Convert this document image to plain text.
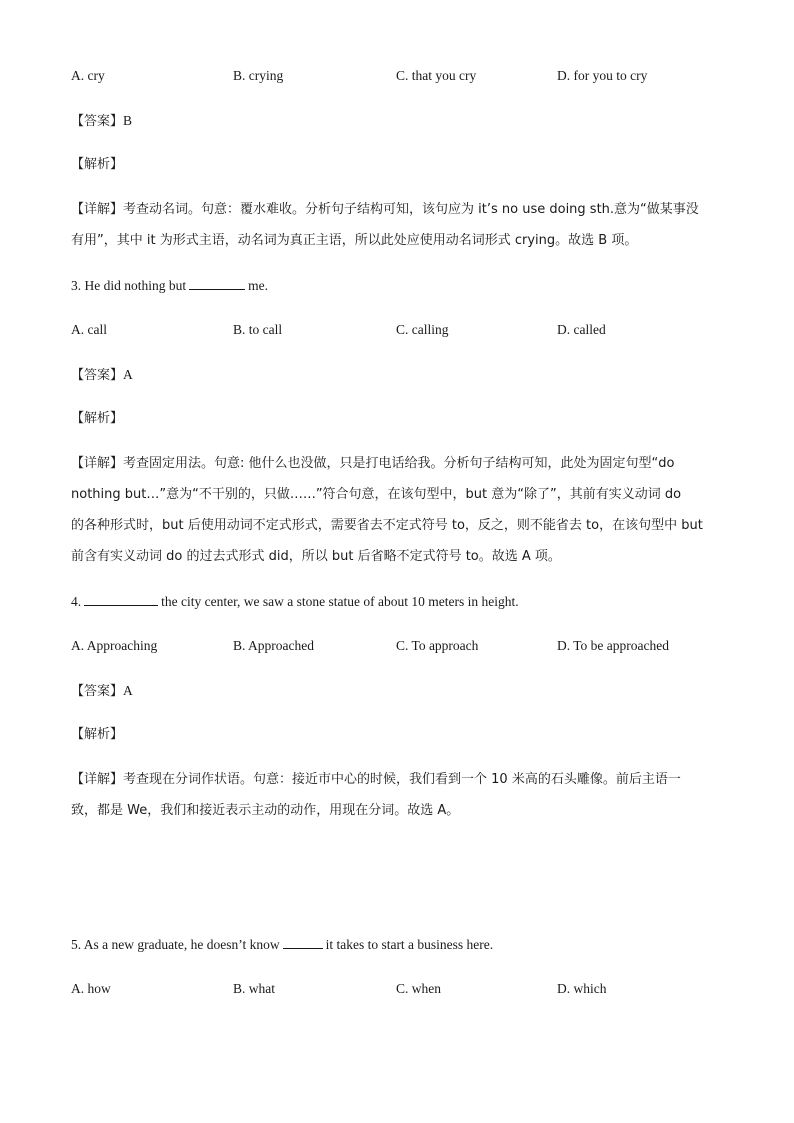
A. cry	B. crying	C. that you cry	D. for you to cry
【答案】B
【解析】
【详解】考查动名词。句意：覆水难收。分析句子结构可知，该句应为 it’s no use doing sth.意为“做某事没
有用”，其中 it 为形式主语，动名词为真正主语，所以此处应使用动名词形式 crying。故选 B 项。
3. He did nothing but	me.
A. call	B. to call	C. calling	D. called
【答案】A
【解析】
【详解】考查固定用法。句意: 他什么也没做，只是打电话给我。分析句子结构可知，此处为固定句型“do
nothing but…”意为“不干别的，只做……”符合句意，在该句型中，but 意为“除了”，其前有实义动词 do
的各种形式时，but 后使用动词不定式形式，需要省去不定式符号 to，反之，则不能省去 to，在该句型中 but
前含有实义动词 do 的过去式形式 did，所以 but 后省略不定式符号 to。故选 A 项。
4.	the city center, we saw a stone statue of about 10 meters in height.
A. Approaching	B. Approached	C. To approach	D. To be approached
【答案】A
【解析】
【详解】考查现在分词作状语。句意：接近市中心的时候，我们看到一个 10 米高的石头雕像。前后主语一
致，都是 We，我们和接近表示主动的动作，用现在分词。故选 A。
5. As a new graduate, he doesn’t know	it takes to start a business here.
A. how	B. what	C. when	D. which
